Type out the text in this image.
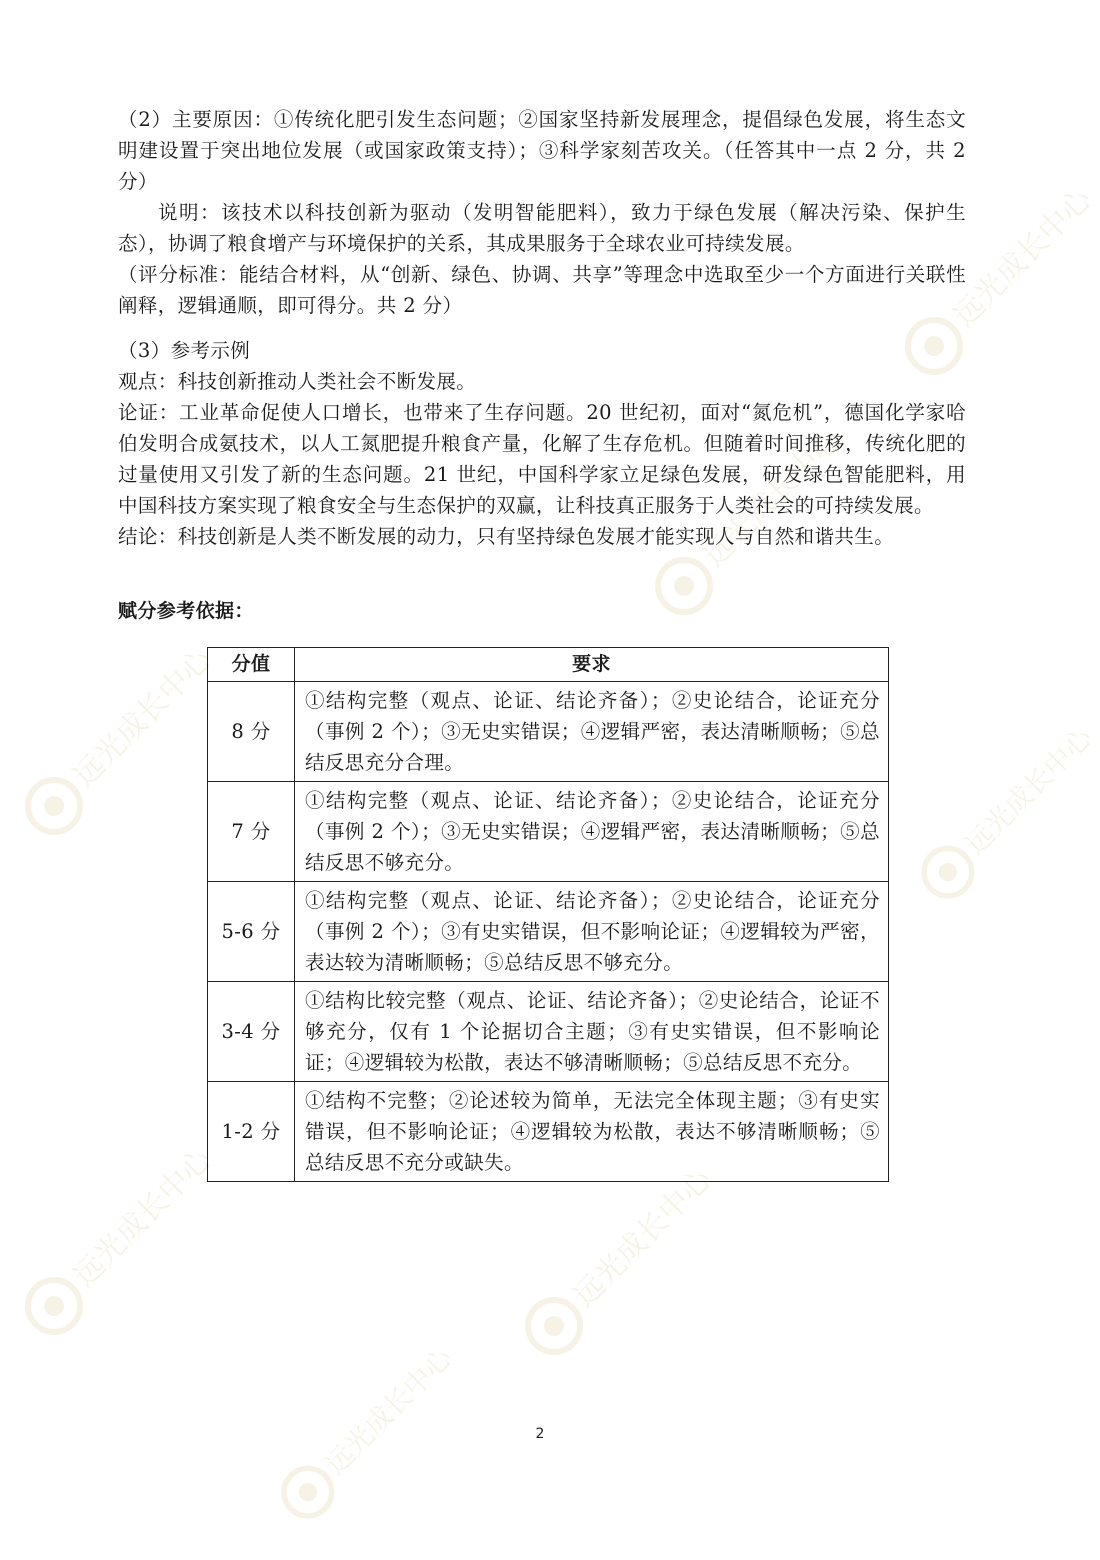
远光成长中心
远光成长中心
远光成长中心	远光成长中心
远光成长中心	远光成长中心
远光成长中心

（2）主要原因：①传统化肥引发生态问题；②国家坚持新发展理念，提倡绿色发展，将生态文明建设置于突出地位发展（或国家政策支持）；③科学家刻苦攻关。（任答其中一点 2 分，共 2 分）

说明：该技术以科技创新为驱动（发明智能肥料），致力于绿色发展（解决污染、保护生态），协调了粮食增产与环境保护的关系，其成果服务于全球农业可持续发展。

（评分标准：能结合材料，从“创新、绿色、协调、共享”等理念中选取至少一个方面进行关联性阐释，逻辑通顺，即可得分。共 2 分）

（3）参考示例

观点：科技创新推动人类社会不断发展。

论证：工业革命促使人口增长，也带来了生存问题。20 世纪初，面对“氮危机”，德国化学家哈伯发明合成氨技术，以人工氮肥提升粮食产量，化解了生存危机。但随着时间推移，传统化肥的过量使用又引发了新的生态问题。21 世纪，中国科学家立足绿色发展，研发绿色智能肥料，用中国科技方案实现了粮食安全与生态保护的双赢，让科技真正服务于人类社会的可持续发展。

结论：科技创新是人类不断发展的动力，只有坚持绿色发展才能实现人与自然和谐共生。

赋分参考依据：

分值	要求
8 分	①结构完整（观点、论证、结论齐备）；②史论结合，论证充分（事例 2 个）；③无史实错误；④逻辑严密，表达清晰顺畅；⑤总结反思充分合理。
7 分	①结构完整（观点、论证、结论齐备）；②史论结合，论证充分（事例 2 个）；③无史实错误；④逻辑严密，表达清晰顺畅；⑤总结反思不够充分。
5-6 分	①结构完整（观点、论证、结论齐备）；②史论结合，论证充分（事例 2 个）；③有史实错误，但不影响论证；④逻辑较为严密，表达较为清晰顺畅；⑤总结反思不够充分。
3-4 分	①结构比较完整（观点、论证、结论齐备）；②史论结合，论证不够充分，仅有 1 个论据切合主题；③有史实错误，但不影响论证；④逻辑较为松散，表达不够清晰顺畅；⑤总结反思不充分。
1-2 分	①结构不完整；②论述较为简单，无法完全体现主题；③有史实错误，但不影响论证；④逻辑较为松散，表达不够清晰顺畅；⑤总结反思不充分或缺失。
2
